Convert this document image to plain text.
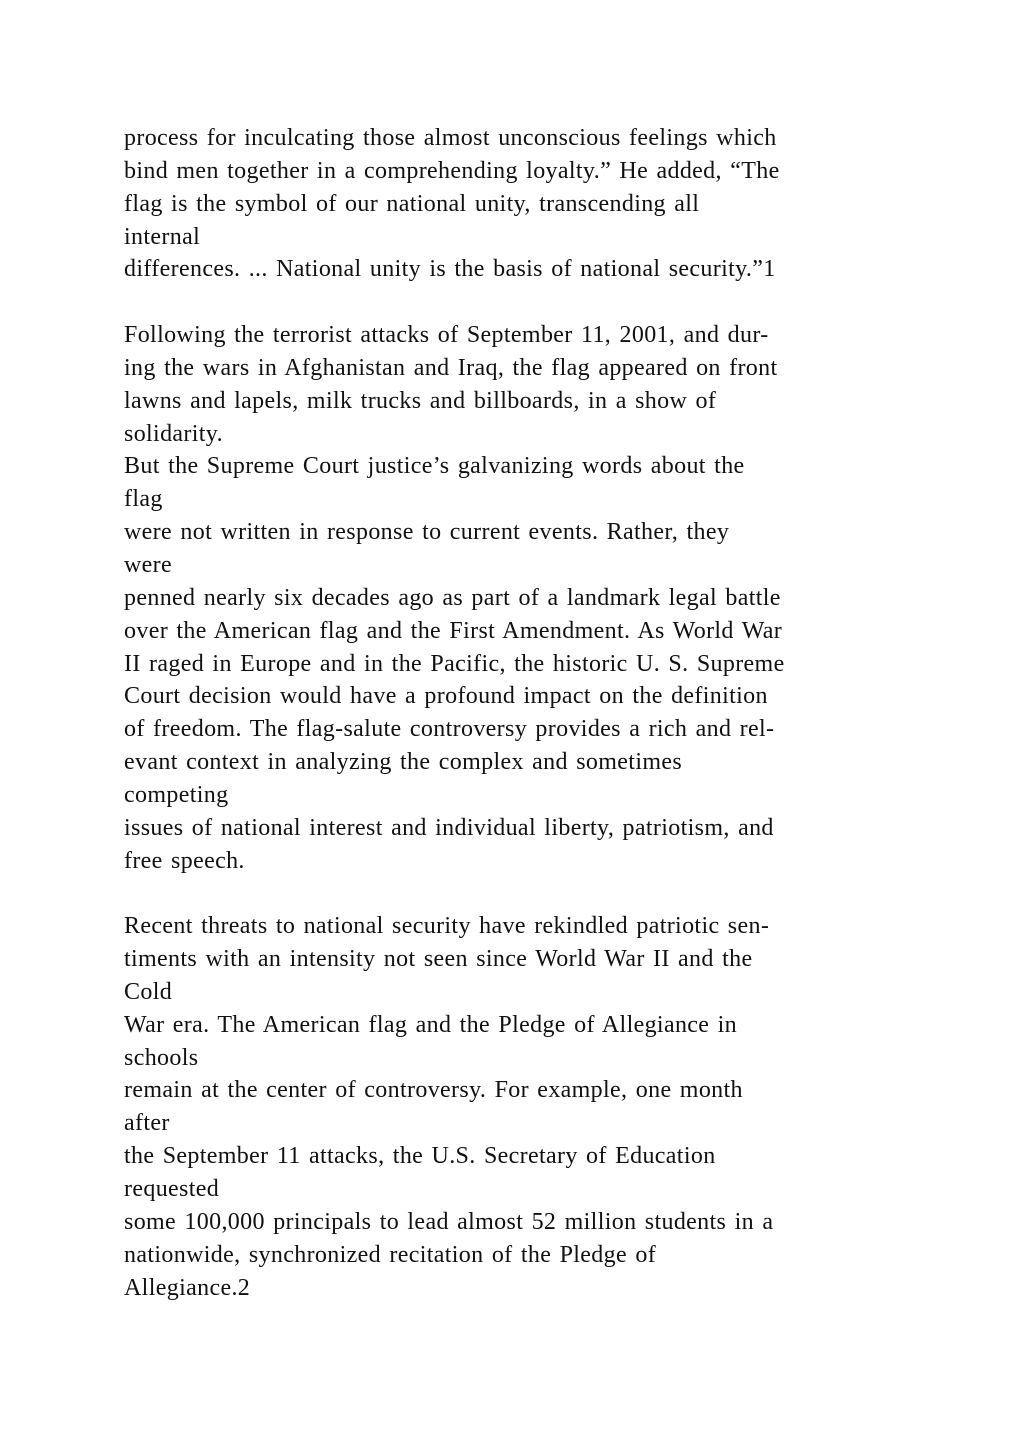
process for inculcating those almost unconscious feelings which
bind men together in a comprehending loyalty.” He added, “The
flag is the symbol of our national unity, transcending all
internal
differences. ... National unity is the basis of national security.”1
Following the terrorist attacks of September 11, 2001, and dur-
ing the wars in Afghanistan and Iraq, the flag appeared on front
lawns and lapels, milk trucks and billboards, in a show of
solidarity.
But the Supreme Court justice’s galvanizing words about the
flag
were not written in response to current events. Rather, they
were
penned nearly six decades ago as part of a landmark legal battle
over the American flag and the First Amendment. As World War
II raged in Europe and in the Pacific, the historic U. S. Supreme
Court decision would have a profound impact on the definition
of freedom. The flag-salute controversy provides a rich and rel-
evant context in analyzing the complex and sometimes
competing
issues of national interest and individual liberty, patriotism, and
free speech.
Recent threats to national security have rekindled patriotic sen-
timents with an intensity not seen since World War II and the
Cold
War era. The American flag and the Pledge of Allegiance in
schools
remain at the center of controversy. For example, one month
after
the September 11 attacks, the U.S. Secretary of Education
requested
some 100,000 principals to lead almost 52 million students in a
nationwide, synchronized recitation of the Pledge of
Allegiance.2
